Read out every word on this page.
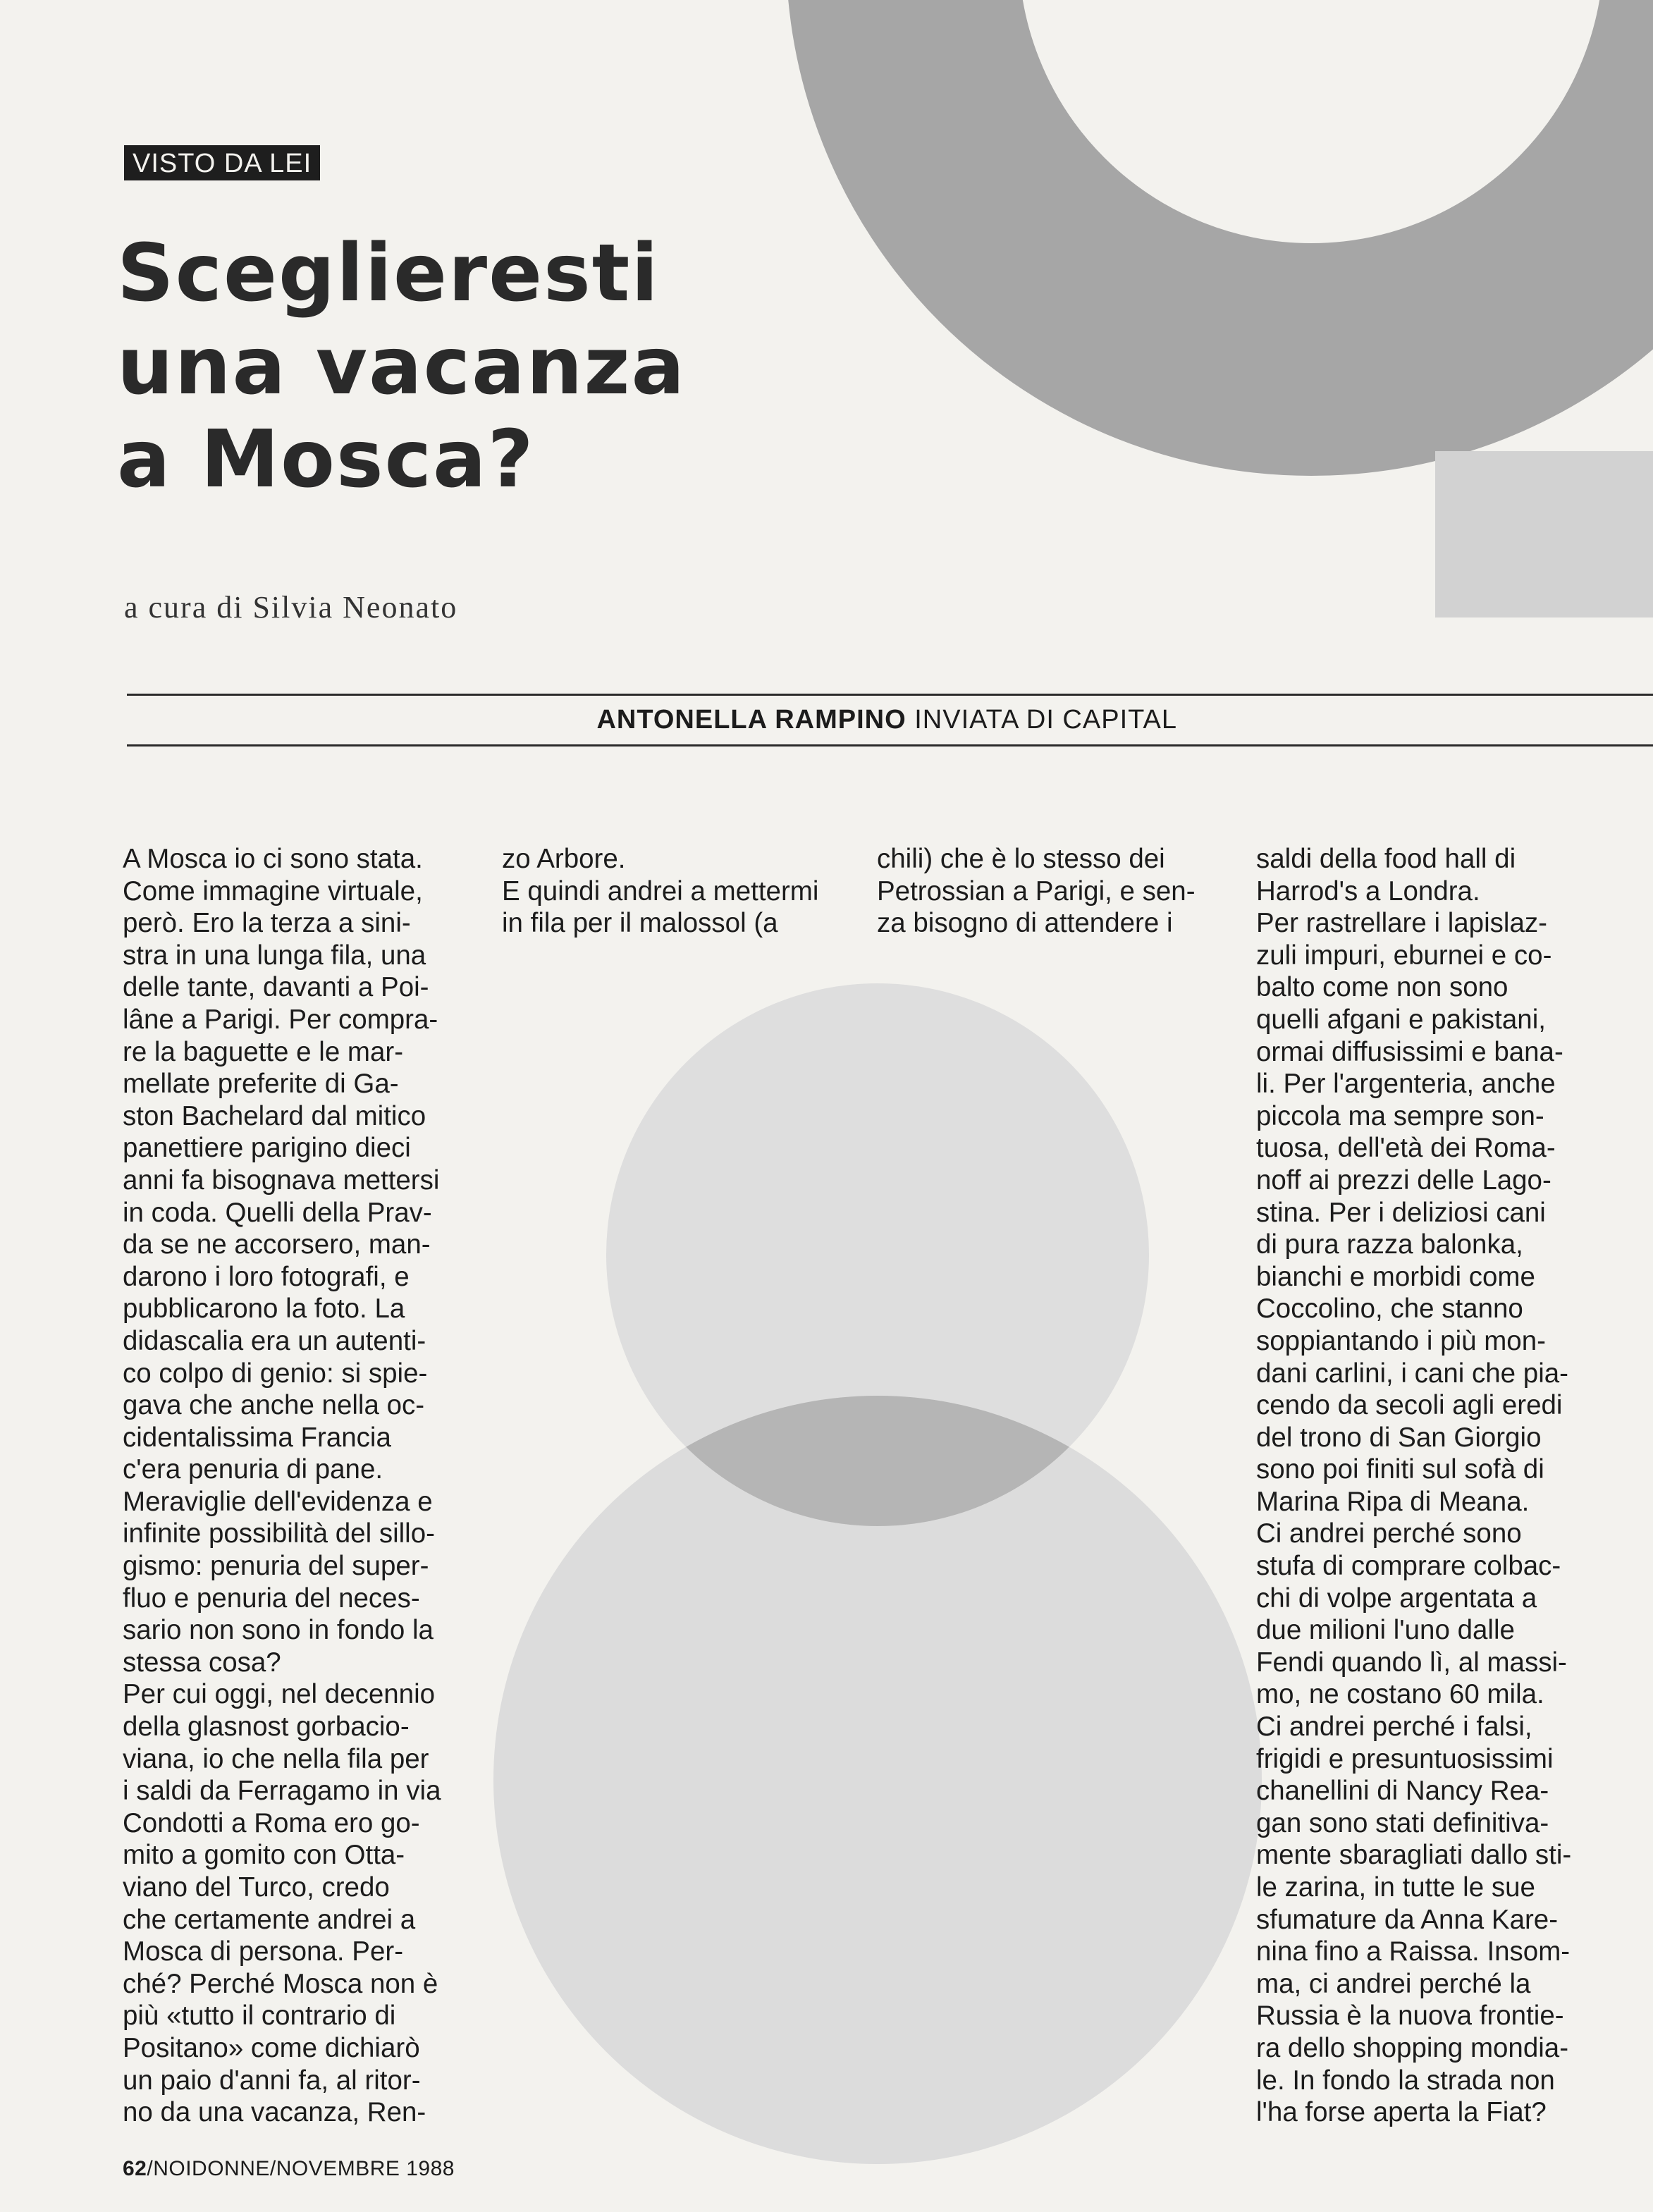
VISTO DA LEI
Sceglieresti
una vacanza
a Mosca?
a cura di Silvia Neonato
ANTONELLA RAMPINO INVIATA DI CAPITAL
A Mosca io ci sono stata.
Come immagine virtuale,
però. Ero la terza a sini-
stra in una lunga fila, una
delle tante, davanti a Poi-
lâne a Parigi. Per compra-
re la baguette e le mar-
mellate preferite di Ga-
ston Bachelard dal mitico
panettiere parigino dieci
anni fa bisognava mettersi
in coda. Quelli della Prav-
da se ne accorsero, man-
darono i loro fotografi, e
pubblicarono la foto. La
didascalia era un autenti-
co colpo di genio: si spie-
gava che anche nella oc-
cidentalissima Francia
c'era penuria di pane.
Meraviglie dell'evidenza e
infinite possibilità del sillo-
gismo: penuria del super-
fluo e penuria del neces-
sario non sono in fondo la
stessa cosa?
Per cui oggi, nel decennio
della glasnost gorbacio-
viana, io che nella fila per
i saldi da Ferragamo in via
Condotti a Roma ero go-
mito a gomito con Otta-
viano del Turco, credo
che certamente andrei a
Mosca di persona. Per-
ché? Perché Mosca non è
più «tutto il contrario di
Positano» come dichiarò
un paio d'anni fa, al ritor-
no da una vacanza, Ren-
zo Arbore.
E quindi andrei a mettermi
in fila per il malossol (a
chili) che è lo stesso dei
Petrossian a Parigi, e sen-
za bisogno di attendere i
saldi della food hall di
Harrod's a Londra.
Per rastrellare i lapislaz-
zuli impuri, eburnei e co-
balto come non sono
quelli afgani e pakistani,
ormai diffusissimi e bana-
li. Per l'argenteria, anche
piccola ma sempre son-
tuosa, dell'età dei Roma-
noff ai prezzi delle Lago-
stina. Per i deliziosi cani
di pura razza balonka,
bianchi e morbidi come
Coccolino, che stanno
soppiantando i più mon-
dani carlini, i cani che pia-
cendo da secoli agli eredi
del trono di San Giorgio
sono poi finiti sul sofà di
Marina Ripa di Meana.
Ci andrei perché sono
stufa di comprare colbac-
chi di volpe argentata a
due milioni l'uno dalle
Fendi quando lì, al massi-
mo, ne costano 60 mila.
Ci andrei perché i falsi,
frigidi e presuntuosissimi
chanellini di Nancy Rea-
gan sono stati definitiva-
mente sbaragliati dallo sti-
le zarina, in tutte le sue
sfumature da Anna Kare-
nina fino a Raissa. Insom-
ma, ci andrei perché la
Russia è la nuova frontie-
ra dello shopping mondia-
le. In fondo la strada non
l'ha forse aperta la Fiat?
62/NOIDONNE/NOVEMBRE 1988
